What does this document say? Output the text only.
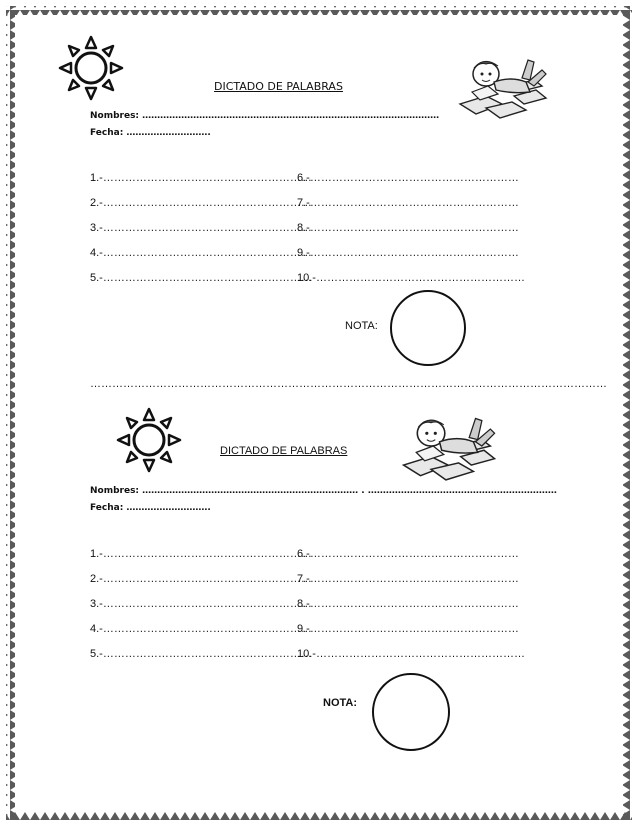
DICTADO DE PALABRAS
Nombres: ………………………………………………………………………………………
Fecha: ……………………….
1.-…………………………………………………
2.-…………………………………………………
3.-…………………………………………………
4.-…………………………………………………
5.-…………………………………………………
6.-…………………………………………………
7.-…………………………………………………
8.-…………………………………………………
9.-…………………………………………………
10.-…………………………………………………
NOTA:
……………………………………………………………………………………………………………………………
DICTADO DE PALABRAS
Nombres: ……………………………………………………………… . ………………………………………………………
Fecha: ……………………….
1.-…………………………………………………
2.-…………………………………………………
3.-…………………………………………………
4.-…………………………………………………
5.-…………………………………………………
6.-…………………………………………………
7.-…………………………………………………
8.-…………………………………………………
9.-…………………………………………………
10.-…………………………………………………
NOTA:
